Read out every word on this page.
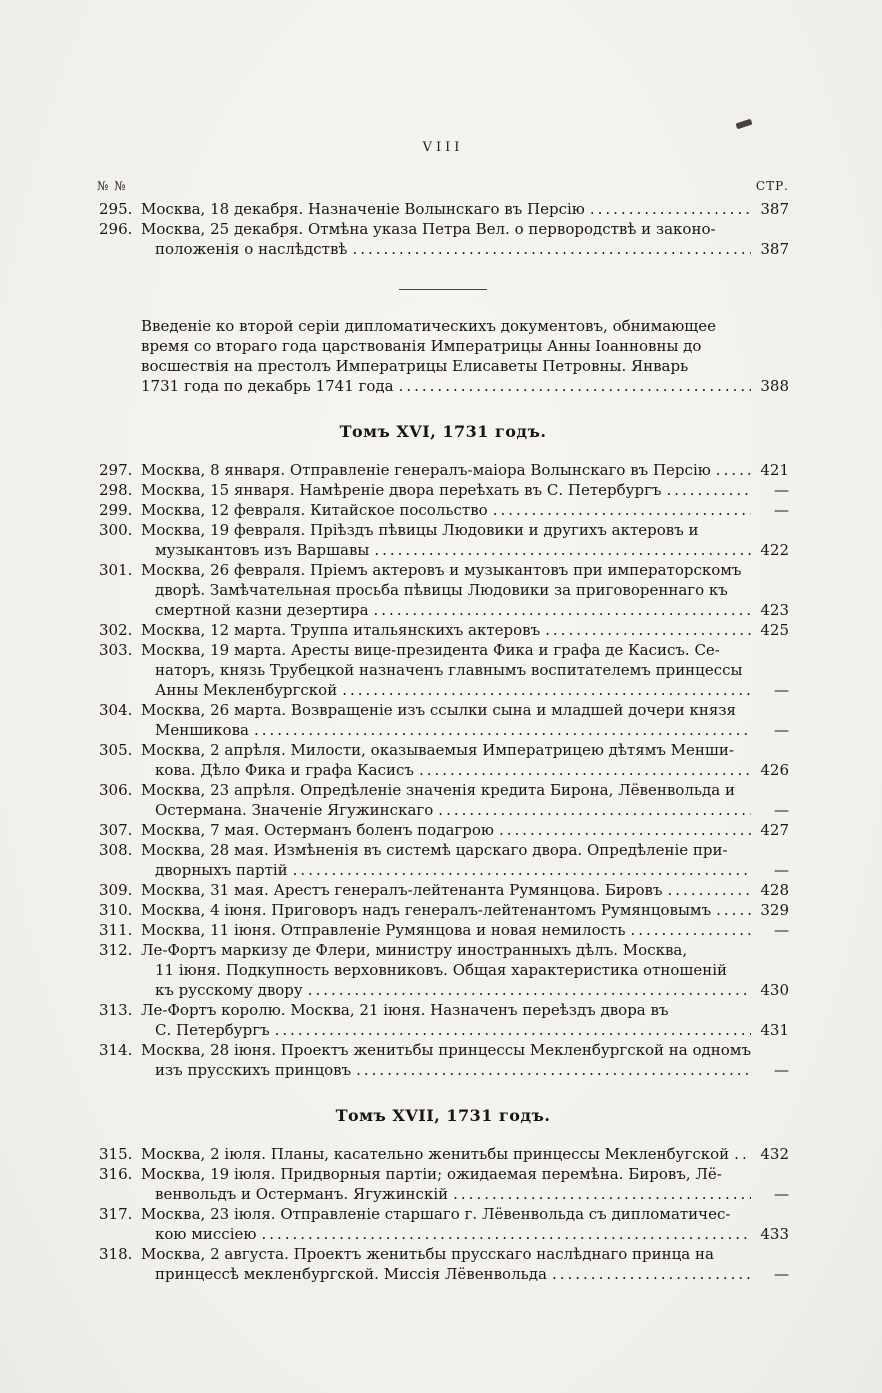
VIII
№ №	СТР.
295. Москва, 18 декабря. Назначеніе Волынскаго въ Персію .....	387
296. Москва, 25 декабря. Отмѣна указа Петра Вел. о первородствѣ и законо-
положенія о наслѣдствѣ .....	387
Введеніе ко второй серіи дипломатическихъ документовъ, обнимающее
время со втораго года царствованія Императрицы Анны Іоанновны до
восшествія на престолъ Императрицы Елисаветы Петровны. Январь
1731 года по декабрь 1741 года .....	388
Томъ XVI, 1731 годъ.
297. Москва, 8 января. Отправленіе генералъ-маіора Волынскаго въ Персію .....	421
298. Москва, 15 января. Намѣреніе двора переѣхать въ С. Петербургъ .....	—
299. Москва, 12 февраля. Китайское посольство .....	—
300. Москва, 19 февраля. Пріѣздъ пѣвицы Людовики и другихъ актеровъ и
музыкантовъ изъ Варшавы .....	422
301. Москва, 26 февраля. Пріемъ актеровъ и музыкантовъ при императорскомъ
дворѣ. Замѣчательная просьба пѣвицы Людовики за приговореннаго къ
смертной казни дезертира .....	423
302. Москва, 12 марта. Труппа итальянскихъ актеровъ .....	425
303. Москва, 19 марта. Аресты вице-президента Фика и графа де Касисъ. Се-
наторъ, князь Трубецкой назначенъ главнымъ воспитателемъ принцессы
Анны Мекленбургской .....	—
304. Москва, 26 марта. Возвращеніе изъ ссылки сына и младшей дочери князя
Меншикова .....	—
305. Москва, 2 апрѣля. Милости, оказываемыя Императрицею дѣтямъ Менши-
кова. Дѣло Фика и графа Касисъ .....	426
306. Москва, 23 апрѣля. Опредѣленіе значенія кредита Бирона, Лёвенвольда и
Остермана. Значеніе Ягужинскаго .....	—
307. Москва, 7 мая. Остерманъ боленъ подагрою .....	427
308. Москва, 28 мая. Измѣненія въ системѣ царскаго двора. Опредѣленіе при-
дворныхъ партій .....	—
309. Москва, 31 мая. Арестъ генералъ-лейтенанта Румянцова. Бировъ .....	428
310. Москва, 4 іюня. Приговоръ надъ генералъ-лейтенантомъ Румянцовымъ .....	329
311. Москва, 11 іюня. Отправленіе Румянцова и новая немилость .....	—
312. Ле-Фортъ маркизу де Флери, министру иностранныхъ дѣлъ. Москва,
11 іюня. Подкупность верховниковъ. Общая характеристика отношеній
къ русскому двору .....	430
313. Ле-Фортъ королю. Москва, 21 іюня. Назначенъ переѣздъ двора въ
С. Петербургъ .....	431
314. Москва, 28 іюня. Проектъ женитьбы принцессы Мекленбургской на одномъ
изъ прусскихъ принцовъ .....	—
Томъ XVII, 1731 годъ.
315. Москва, 2 іюля. Планы, касательно женитьбы принцессы Мекленбугской .....	432
316. Москва, 19 іюля. Придворныя партіи; ожидаемая перемѣна. Бировъ, Лё-
венвольдъ и Остерманъ. Ягужинскій .....	—
317. Москва, 23 іюля. Отправленіе старшаго г. Лёвенвольда съ дипломатичес-
кою миссіею .....	433
318. Москва, 2 августа. Проектъ женитьбы прусскаго наслѣднаго принца на
принцессѣ мекленбургской. Миссія Лёвенвольда .....	—
